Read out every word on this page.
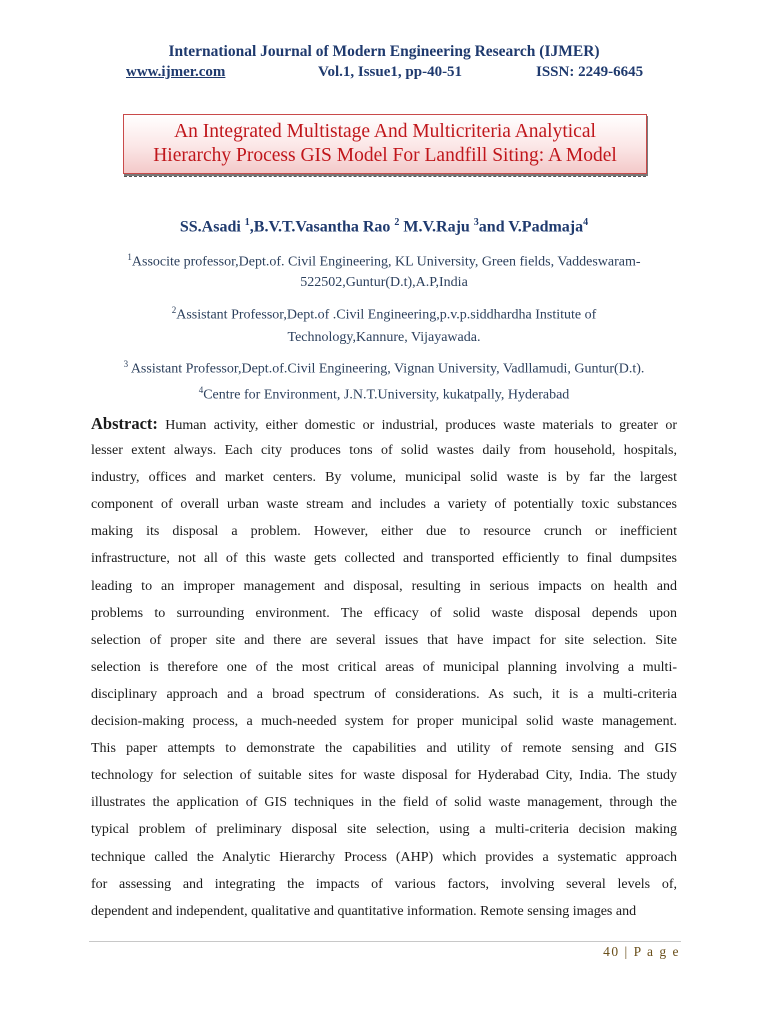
International Journal of Modern Engineering Research (IJMER)
www.ijmer.com	Vol.1, Issue1, pp-40-51	ISSN: 2249-6645
An Integrated Multistage And Multicriteria Analytical
Hierarchy Process GIS Model For Landfill Siting: A Model
SS.Asadi $^1$,B.V.T.Vasantha Rao $^2$ M.V.Raju $^3$and V.Padmaja$^4$
$^1$Associte professor,Dept.of. Civil Engineering, KL University, Green fields, Vaddeswaram-
522502,Guntur(D.t),A.P,India
$^2$Assistant Professor,Dept.of .Civil Engineering,p.v.p.siddhardha Institute of
Technology,Kannure, Vijayawada.
$^3$ Assistant Professor,Dept.of.Civil Engineering, Vignan University, Vadllamudi, Guntur(D.t).
$^4$Centre for Environment, J.N.T.University, kukatpally, Hyderabad
Abstract: Human activity, either domestic or industrial, produces waste materials to greater or
lesser extent always. Each city produces tons of solid wastes daily from household, hospitals,
industry, offices and market centers. By volume, municipal solid waste is by far the largest
component of overall urban waste stream and includes a variety of potentially toxic substances
making its disposal a problem. However, either due to resource crunch or inefficient
infrastructure, not all of this waste gets collected and transported efficiently to final dumpsites
leading to an improper management and disposal, resulting in serious impacts on health and
problems to surrounding environment. The efficacy of solid waste disposal depends upon
selection of proper site and there are several issues that have impact for site selection. Site
selection is therefore one of the most critical areas of municipal planning involving a multi-
disciplinary approach and a broad spectrum of considerations. As such, it is a multi-criteria
decision-making process, a much-needed system for proper municipal solid waste management.
This paper attempts to demonstrate the capabilities and utility of remote sensing and GIS
technology for selection of suitable sites for waste disposal for Hyderabad City, India. The study
illustrates the application of GIS techniques in the field of solid waste management, through the
typical problem of preliminary disposal site selection, using a multi-criteria decision making
technique called the Analytic Hierarchy Process (AHP) which provides a systematic approach
for assessing and integrating the impacts of various factors, involving several levels of,
dependent and independent, qualitative and quantitative information. Remote sensing images and
40 | P a g e
